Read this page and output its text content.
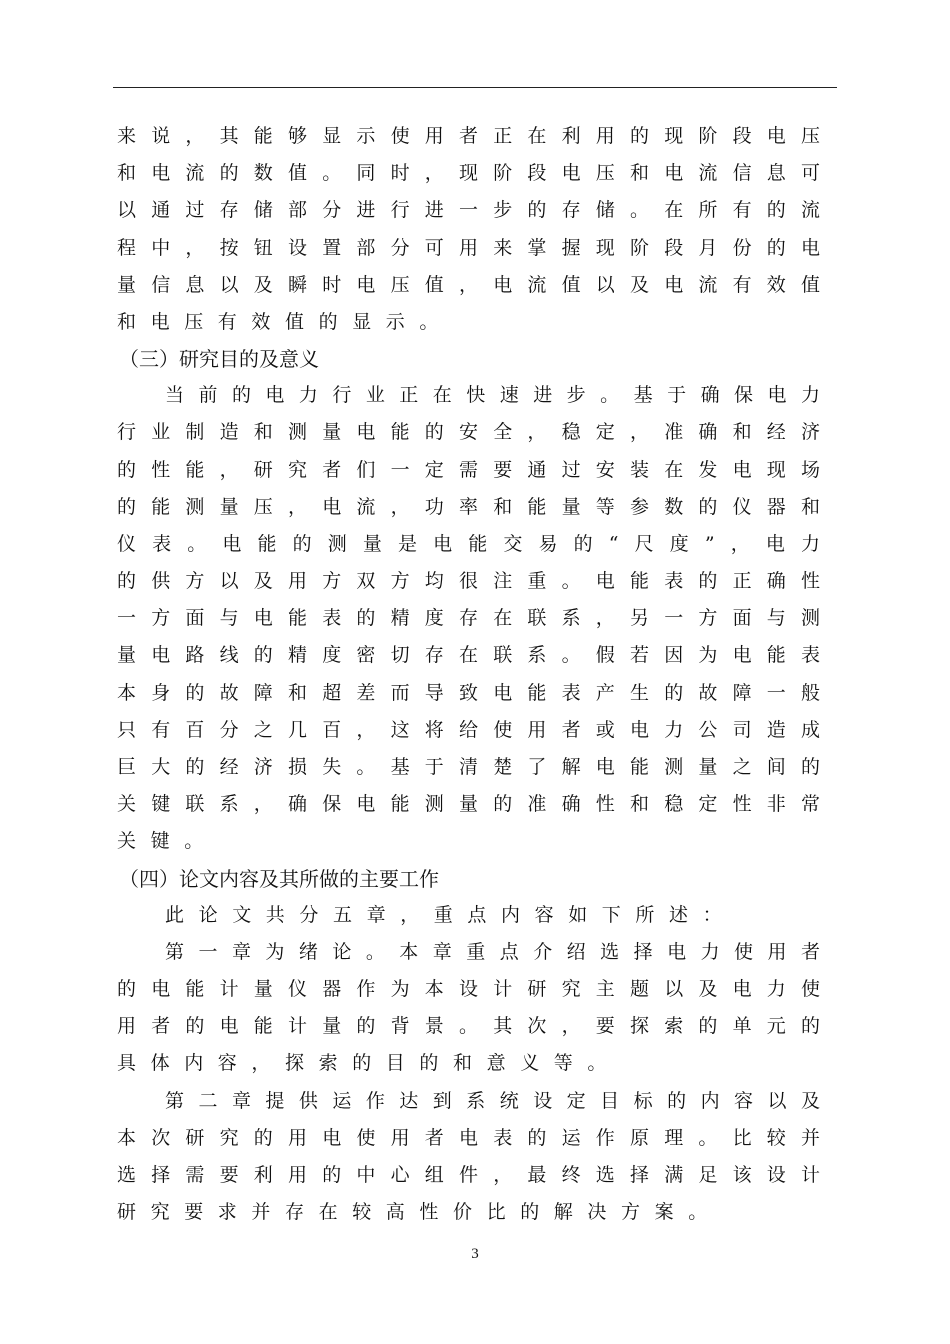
来说，其能够显示使用者正在利用的现阶段电压
和电流的数值。同时，现阶段电压和电流信息可
以通过存储部分进行进一步的存储。在所有的流
程中，按钮设置部分可用来掌握现阶段月份的电
量信息以及瞬时电压值，电流值以及电流有效值
和电压有效值的显示。
（三）研究目的及意义
当前的电力行业正在快速进步。基于确保电力
行业制造和测量电能的安全，稳定，准确和经济
的性能，研究者们一定需要通过安装在发电现场
的能测量压，电流，功率和能量等参数的仪器和
仪表。电能的测量是电能交易的“尺度”，电力
的供方以及用方双方均很注重。电能表的正确性
一方面与电能表的精度存在联系，另一方面与测
量电路线的精度密切存在联系。假若因为电能表
本身的故障和超差而导致电能表产生的故障一般
只有百分之几百，这将给使用者或电力公司造成
巨大的经济损失。基于清楚了解电能测量之间的
关键联系，确保电能测量的准确性和稳定性非常
关键。
（四）论文内容及其所做的主要工作
此论文共分五章，重点内容如下所述：
第一章为绪论。本章重点介绍选择电力使用者
的电能计量仪器作为本设计研究主题以及电力使
用者的电能计量的背景。其次，要探索的单元的
具体内容，探索的目的和意义等。
第二章提供运作达到系统设定目标的内容以及
本次研究的用电使用者电表的运作原理。比较并
选择需要利用的中心组件，最终选择满足该设计
研究要求并存在较高性价比的解决方案。
3
